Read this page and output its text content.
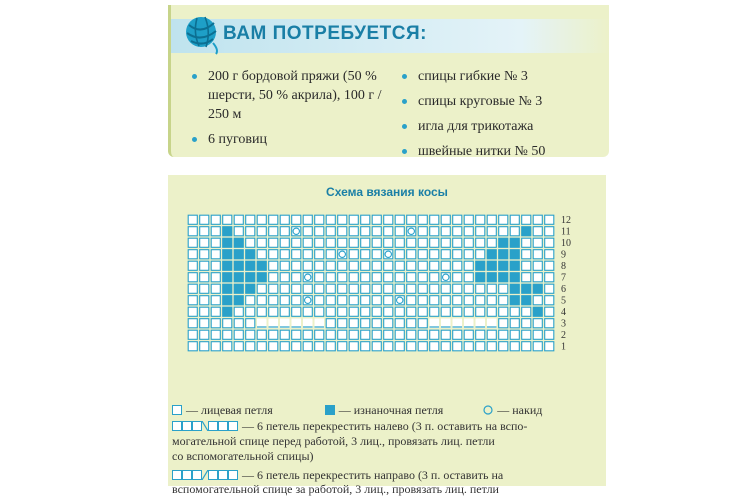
ВАМ ПОТРЕБУЕТСЯ:
200 г бордовой пряжи (50 % шерсти, 50 % акрила), 100 г / 250 м
6 пуговиц
спицы гибкие № 3
спицы круговые № 3
игла для трикотажа
швейные нитки № 50
Схема вязания косы
12
11
10
9
8
7
6
5
4
3
2
1
— лицевая петля	— изнаночная петля	— накид
— 6 петель перекрестить налево (3 п. оставить на вспо-
могательной спице перед работой, 3 лиц., провязать лиц. петли
со вспомогательной спицы)
— 6 петель перекрестить направо (3 п. оставить на
вспомогательной спице за работой, 3 лиц., провязать лиц. петли
